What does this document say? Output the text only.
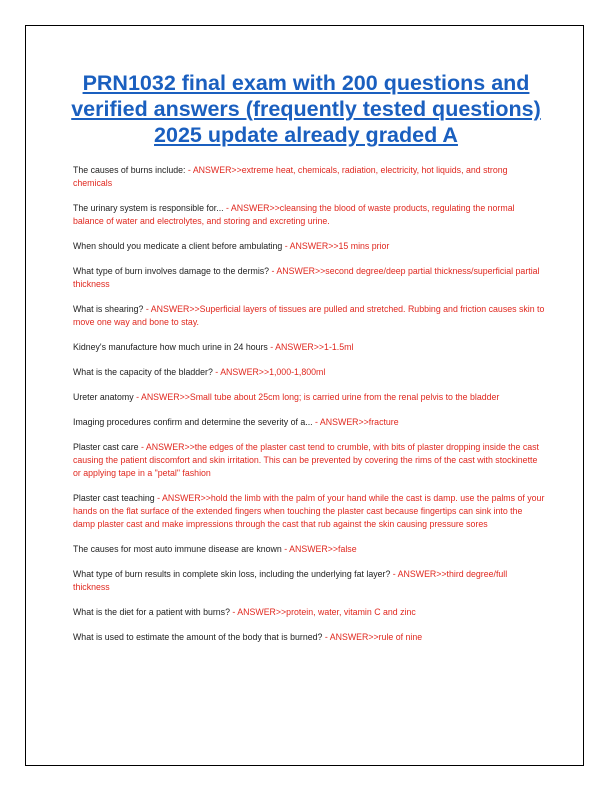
PRN1032 final exam with 200 questions and verified answers (frequently tested questions) 2025 update already graded A
The causes of burns include: - ANSWER>>extreme heat, chemicals, radiation, electricity, hot liquids, and strong chemicals
The urinary system is responsible for... - ANSWER>>cleansing the blood of waste products, regulating the normal balance of water and electrolytes, and storing and excreting urine.
When should you medicate a client before ambulating - ANSWER>>15 mins prior
What type of burn involves damage to the dermis? - ANSWER>>second degree/deep partial thickness/superficial partial thickness
What is shearing? - ANSWER>>Superficial layers of tissues are pulled and stretched. Rubbing and friction causes skin to move one way and bone to stay.
Kidney's manufacture how much urine in 24 hours - ANSWER>>1-1.5ml
What is the capacity of the bladder? - ANSWER>>1,000-1,800ml
Ureter anatomy - ANSWER>>Small tube about 25cm long; is carried urine from the renal pelvis to the bladder
Imaging procedures confirm and determine the severity of a... - ANSWER>>fracture
Plaster cast care - ANSWER>>the edges of the plaster cast tend to crumble, with bits of plaster dropping inside the cast causing the patient discomfort and skin irritation. This can be prevented by covering the rims of the cast with stockinette or applying tape in a "petal" fashion
Plaster cast teaching - ANSWER>>hold the limb with the palm of your hand while the cast is damp. use the palms of your hands on the flat surface of the extended fingers when touching the plaster cast because fingertips can sink into the damp plaster cast and make impressions through the cast that rub against the skin causing pressure sores
The causes for most auto immune disease are known - ANSWER>>false
What type of burn results in complete skin loss, including the underlying fat layer? - ANSWER>>third degree/full thickness
What is the diet for a patient with burns? - ANSWER>>protein, water, vitamin C and zinc
What is used to estimate the amount of the body that is burned? - ANSWER>>rule of nine
